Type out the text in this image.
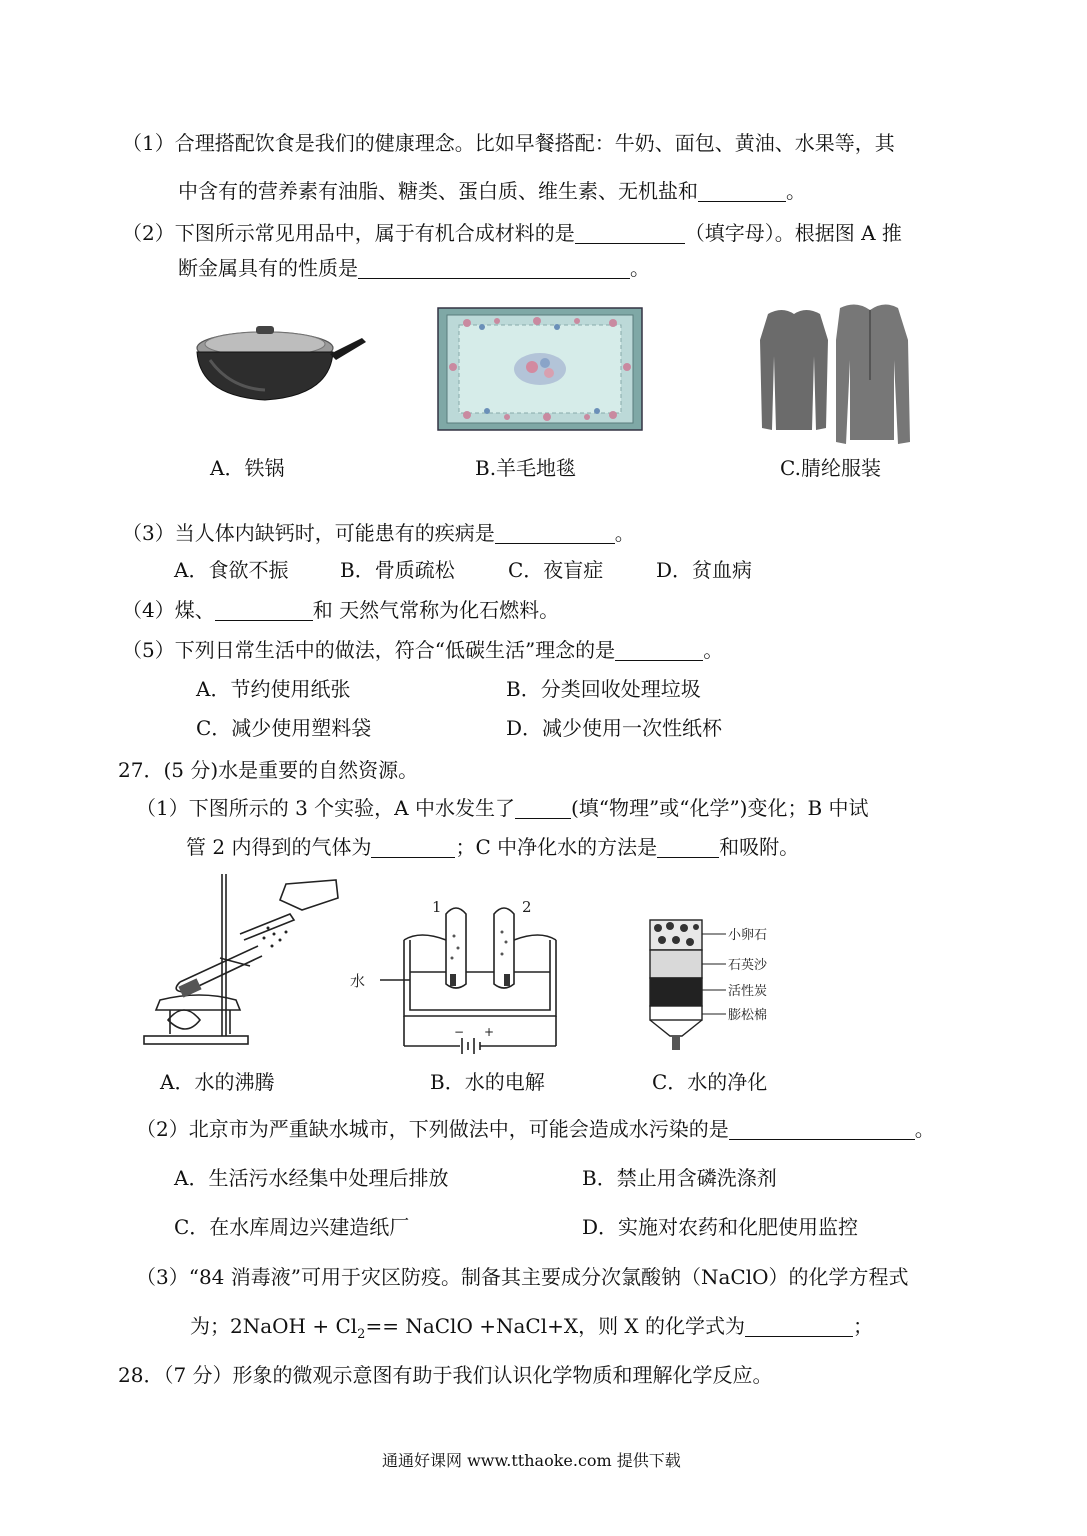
（1）合理搭配饮食是我们的健康理念。比如早餐搭配：牛奶、面包、黄油、水果等，其
中含有的营养素有油脂、糖类、蛋白质、维生素、无机盐和	。
（2）下图所示常见用品中，属于有机合成材料的是	（填字母）。根据图 A 推
断金属具有的性质是	。
A．铁锅	B.羊毛地毯	C.腈纶服装
（3）当人体内缺钙时，可能患有的疾病是	。
A．食欲不振	B．骨质疏松	C．夜盲症	D．贫血病
（4）煤、	和 天然气常称为化石燃料。
（5）下列日常生活中的做法，符合“低碳生活”理念的是	。
A．节约使用纸张	B．分类回收处理垃圾
C．减少使用塑料袋	D．减少使用一次性纸杯
27．(5 分)水是重要的自然资源。
（1）下图所示的 3 个实验，A 中水发生了	(填“物理”或“化学”)变化；B 中试
管 2 内得到的气体为	；C 中净化水的方法是	和吸附。
1	2
水
− +
小卵石
石英沙
活性炭
膨松棉
A．水的沸腾	B．水的电解	C．水的净化
（2）北京市为严重缺水城市，下列做法中，可能会造成水污染的是	。
A．生活污水经集中处理后排放	B．禁止用含磷洗涤剂
C．在水库周边兴建造纸厂	D．实施对农药和化肥使用监控
（3）“84 消毒液”可用于灾区防疫。制备其主要成分次氯酸钠（NaClO）的化学方程式
为；2NaOH + $Cl_2==$ NaClO +NaCl+X，则 X 的化学式为	；
28．（7 分）形象的微观示意图有助于我们认识化学物质和理解化学反应。
通通好课网 www.tthaoke.com 提供下载
